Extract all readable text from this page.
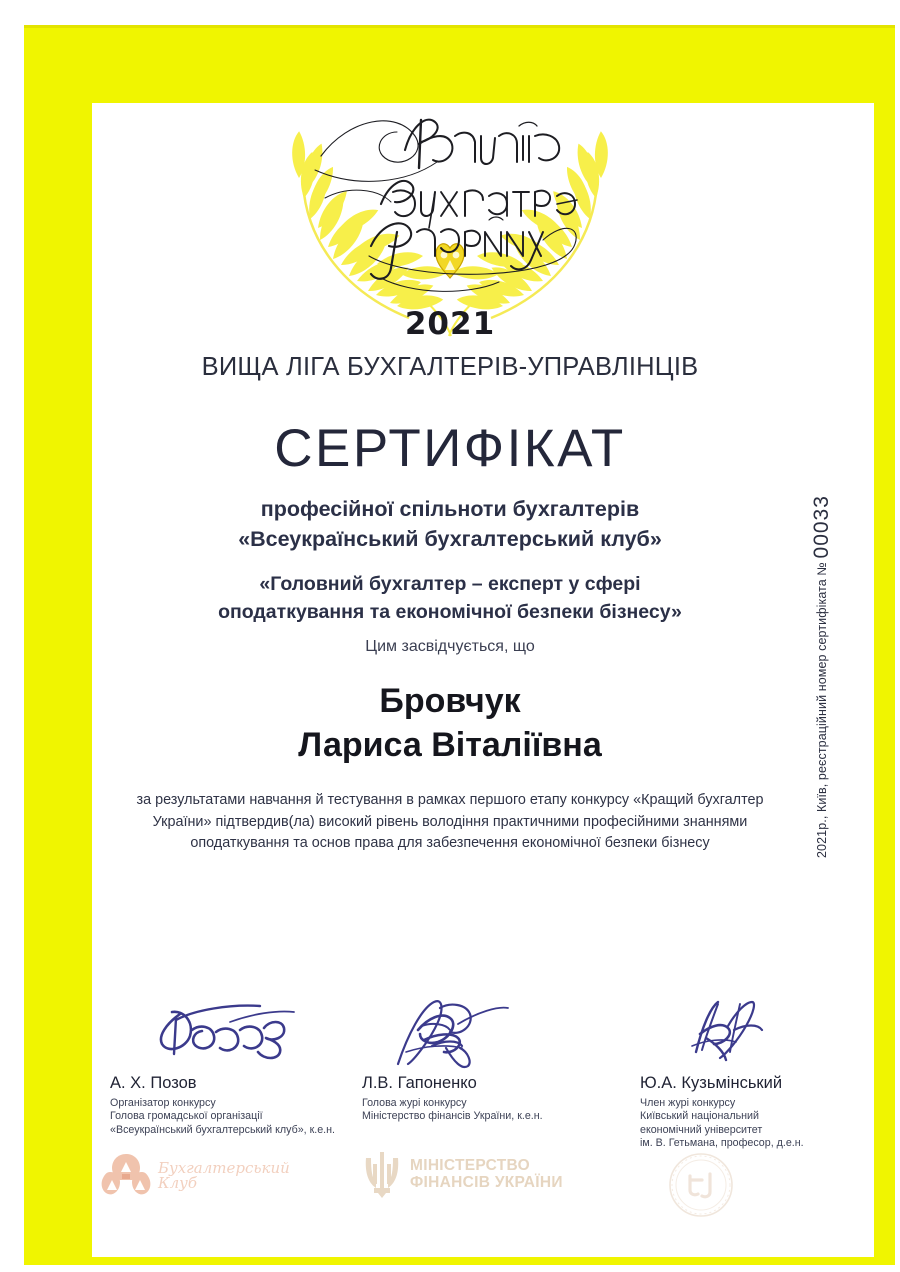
2021
ВИЩА ЛІГА БУХГАЛТЕРІВ-УПРАВЛІНЦІВ
СЕРТИФІКАТ
професійної спільноти бухгалтерів
«Всеукраїнський бухгалтерський клуб»
«Головний бухгалтер – експерт у сфері
оподаткування та економічної безпеки бізнесу»
Цим засвідчується, що
Бровчук
Лариса Віталіївна
за результатами навчання й тестування в рамках першого етапу конкурсу «Кращий бухгалтер України» підтвердив(ла) високий рівень володіння практичними професійними знаннями оподаткування та основ права для забезпечення економічної безпеки бізнесу	2021р., Київ, реєстраційний номер сертифіката № 00033
А. Х. Позов
Організатор конкурсу
Голова громадської організації
«Всеукраїнський бухгалтерський клуб», к.е.н.
Л.В. Гапоненко
Голова журі конкурсу
Міністерство фінансів України, к.е.н.
Ю.А. Кузьмінський
Член журі конкурсу
Київський національний
економічний університет
ім. В. Гетьмана, професор, д.е.н.
Бухгалтерський
Клуб
МІНІСТЕРСТВО
ФІНАНСІВ УКРАЇНИ
